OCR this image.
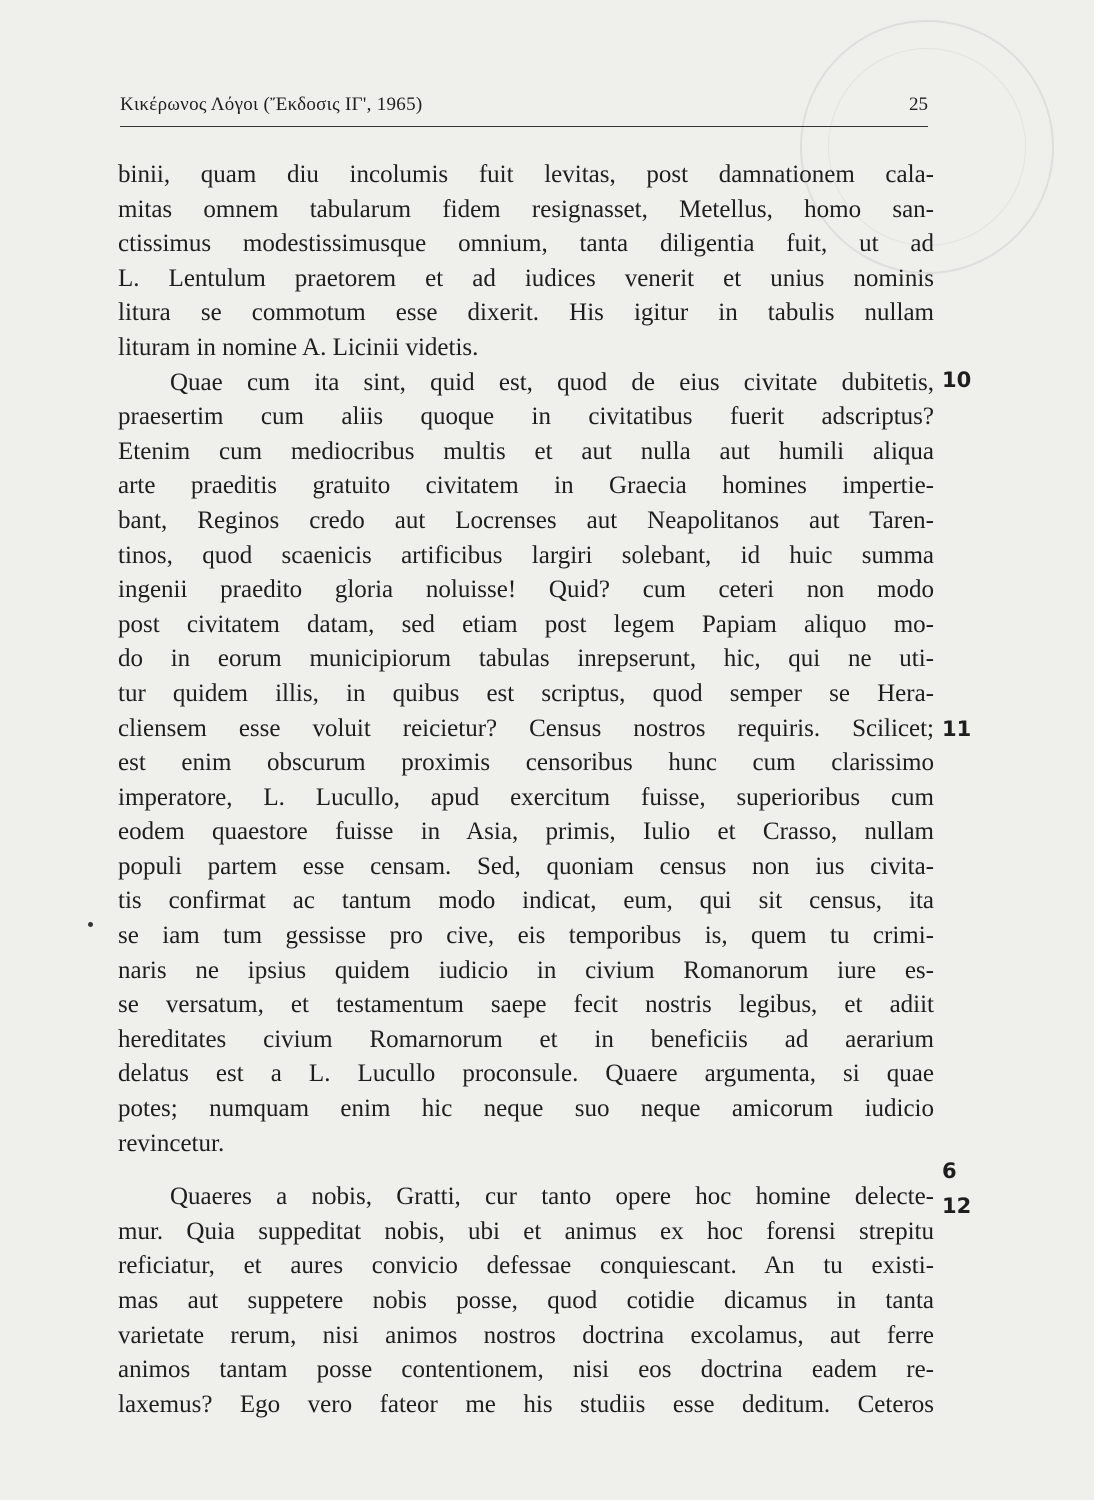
Κικέρωνος Λόγοι (Ἔκδοσις ΙΓ', 1965)	25
binii, quam diu incolumis fuit levitas, post damnationem cala-
mitas omnem tabularum fidem resignasset, Metellus, homo san-
ctissimus modestissimusque omnium, tanta diligentia fuit, ut ad
L. Lentulum praetorem et ad iudices venerit et unius nominis
litura se commotum esse dixerit. His igitur in tabulis nullam
lituram in nomine A. Licinii videtis.
Quae cum ita sint, quid est, quod de eius civitate dubitetis,
praesertim cum aliis quoque in civitatibus fuerit adscriptus?
Etenim cum mediocribus multis et aut nulla aut humili aliqua
arte praeditis gratuito civitatem in Graecia homines impertie-
bant, Reginos credo aut Locrenses aut Neapolitanos aut Taren-
tinos, quod scaenicis artificibus largiri solebant, id huic summa
ingenii praedito gloria noluisse! Quid? cum ceteri non modo
post civitatem datam, sed etiam post legem Papiam aliquo mo-
do in eorum municipiorum tabulas inrepserunt, hic, qui ne uti-
tur quidem illis, in quibus est scriptus, quod semper se Hera-
cliensem esse voluit reicietur? Census nostros requiris. Scilicet;
est enim obscurum proximis censoribus hunc cum clarissimo
imperatore, L. Lucullo, apud exercitum fuisse, superioribus cum
eodem quaestore fuisse in Asia, primis, Iulio et Crasso, nullam
populi partem esse censam. Sed, quoniam census non ius civita-
tis confirmat ac tantum modo indicat, eum, qui sit census, ita
se iam tum gessisse pro cive, eis temporibus is, quem tu crimi-
naris ne ipsius quidem iudicio in civium Romanorum iure es-
se versatum, et testamentum saepe fecit nostris legibus, et adiit
hereditates civium Romarnorum et in beneficiis ad aerarium
delatus est a L. Lucullo proconsule. Quaere argumenta, si quae
potes; numquam enim hic neque suo neque amicorum iudicio
revincetur.
Quaeres a nobis, Gratti, cur tanto opere hoc homine delecte-
mur. Quia suppeditat nobis, ubi et animus ex hoc forensi strepitu
reficiatur, et aures convicio defessae conquiescant. An tu existi-
mas aut suppetere nobis posse, quod cotidie dicamus in tanta
varietate rerum, nisi animos nostros doctrina excolamus, aut ferre
animos tantam posse contentionem, nisi eos doctrina eadem re-
laxemus? Ego vero fateor me his studiis esse deditum. Ceteros
10
11
6
12
